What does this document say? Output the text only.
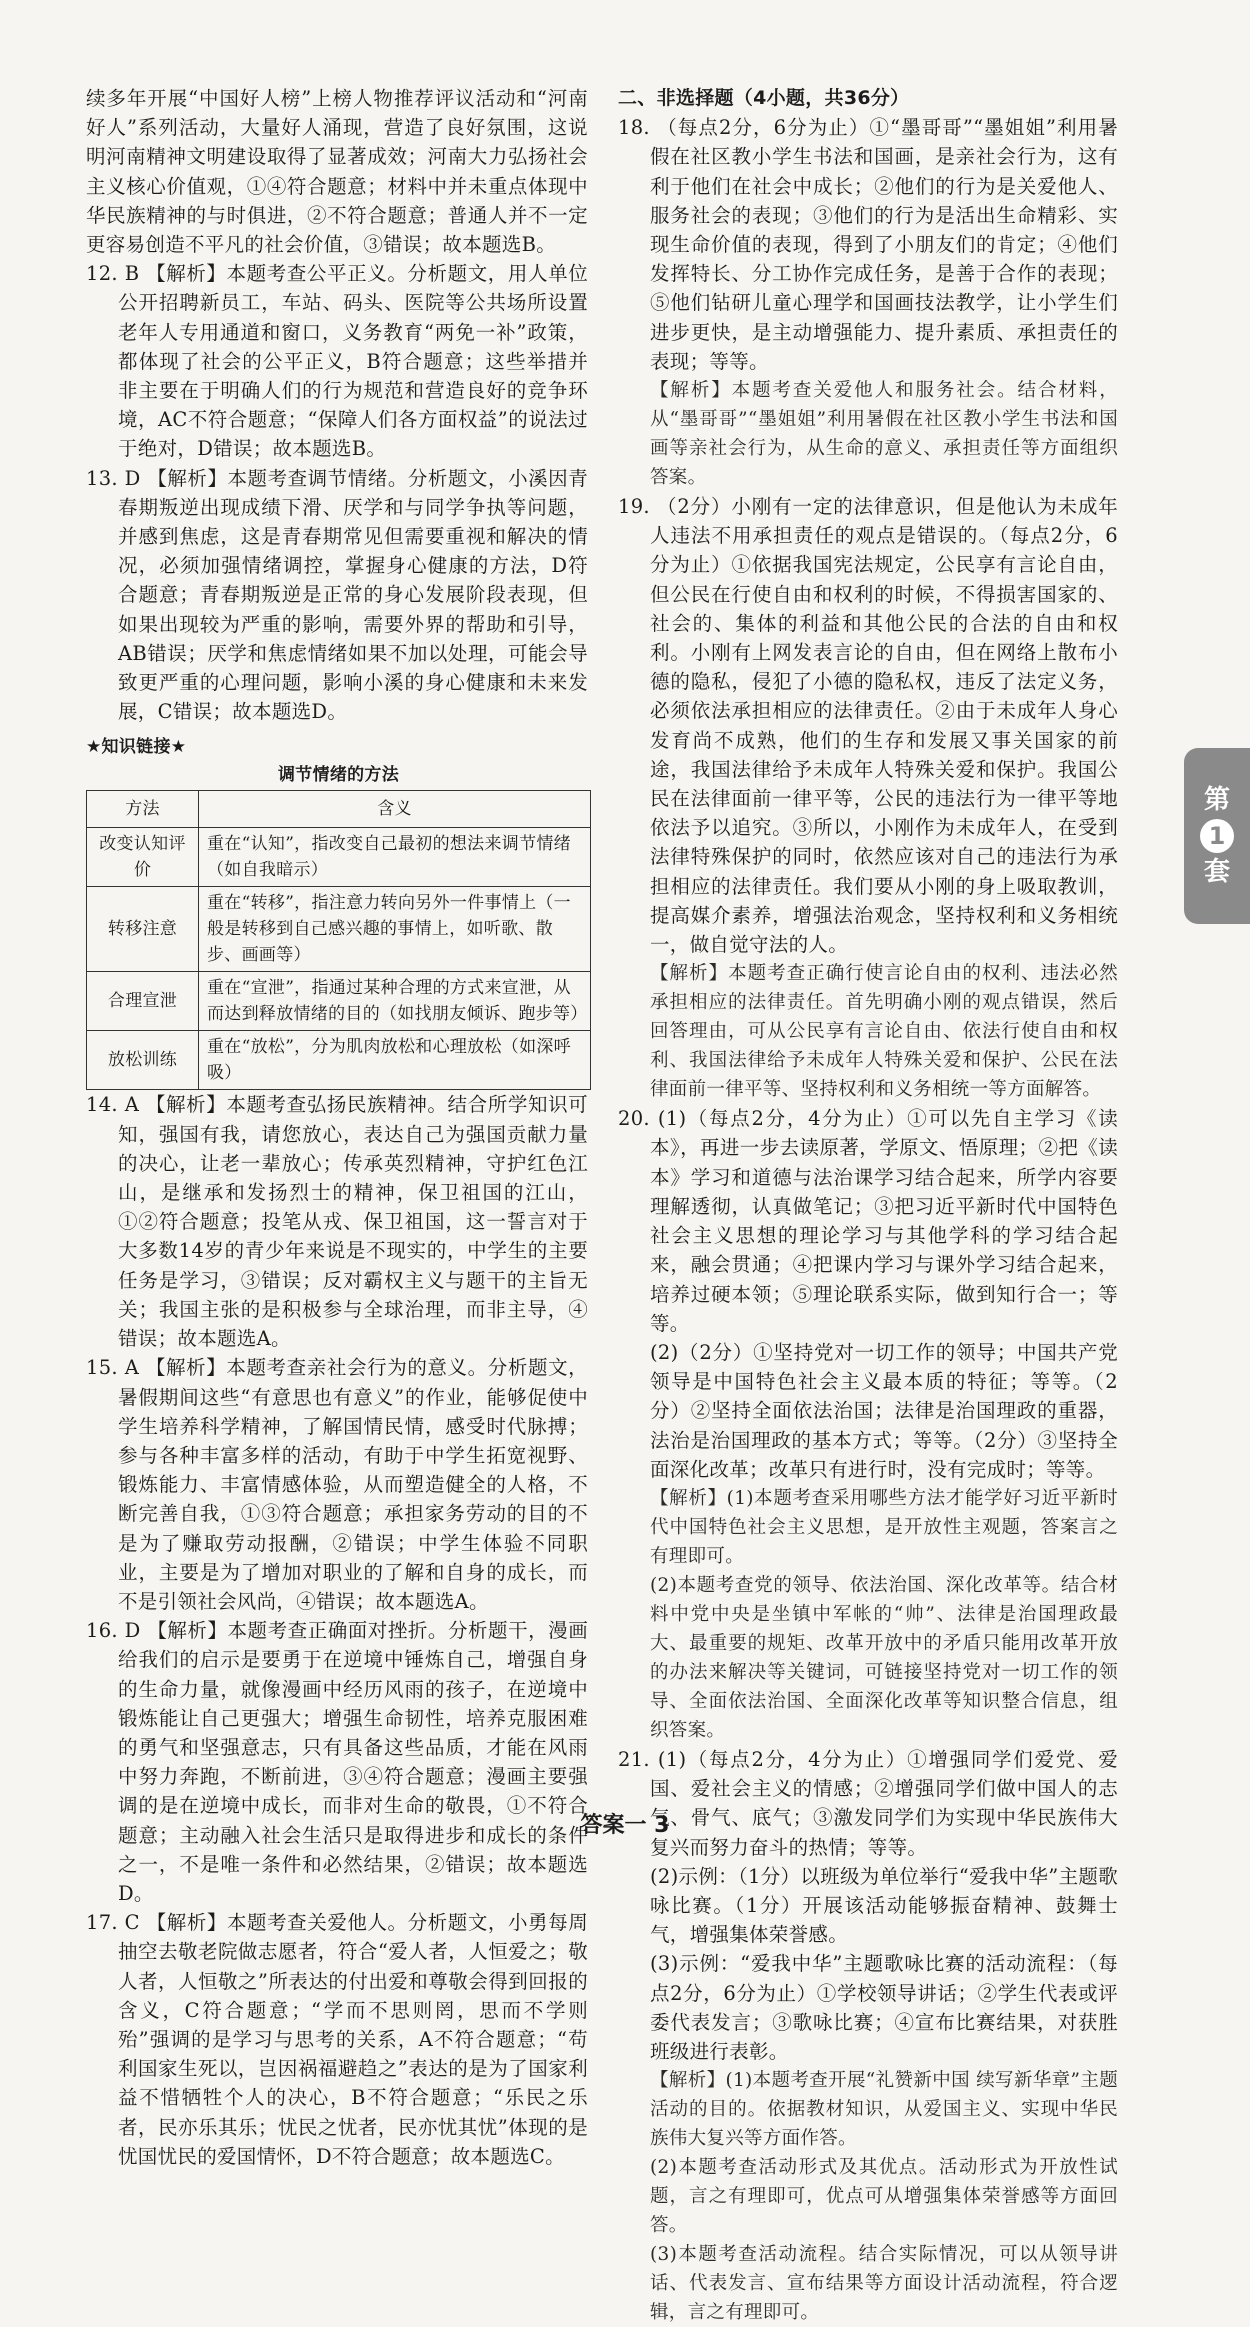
续多年开展“中国好人榜”上榜人物推荐评议活动和“河南好人”系列活动，大量好人涌现，营造了良好氛围，这说明河南精神文明建设取得了显著成效；河南大力弘扬社会主义核心价值观，①④符合题意；材料中并未重点体现中华民族精神的与时俱进，②不符合题意；普通人并不一定更容易创造不平凡的社会价值，③错误；故本题选B。

12. B 【解析】本题考查公平正义。分析题文，用人单位公开招聘新员工，车站、码头、医院等公共场所设置老年人专用通道和窗口，义务教育“两免一补”政策，都体现了社会的公平正义，B符合题意；这些举措并非主要在于明确人们的行为规范和营造良好的竞争环境，AC不符合题意；“保障人们各方面权益”的说法过于绝对，D错误；故本题选B。

13. D 【解析】本题考查调节情绪。分析题文，小溪因青春期叛逆出现成绩下滑、厌学和与同学争执等问题，并感到焦虑，这是青春期常见但需要重视和解决的情况，必须加强情绪调控，掌握身心健康的方法，D符合题意；青春期叛逆是正常的身心发展阶段表现，但如果出现较为严重的影响，需要外界的帮助和引导，AB错误；厌学和焦虑情绪如果不加以处理，可能会导致更严重的心理问题，影响小溪的身心健康和未来发展，C错误；故本题选D。

★知识链接★
调节情绪的方法
方法	含义
改变认知评价	重在“认知”，指改变自己最初的想法来调节情绪（如自我暗示）
转移注意	重在“转移”，指注意力转向另外一件事情上（一般是转移到自己感兴趣的事情上，如听歌、散步、画画等）
合理宣泄	重在“宣泄”，指通过某种合理的方式来宣泄，从而达到释放情绪的目的（如找朋友倾诉、跑步等）
放松训练	重在“放松”，分为肌肉放松和心理放松（如深呼吸）

14. A 【解析】本题考查弘扬民族精神。结合所学知识可知，强国有我，请您放心，表达自己为强国贡献力量的决心，让老一辈放心；传承英烈精神，守护红色江山，是继承和发扬烈士的精神，保卫祖国的江山，①②符合题意；投笔从戎、保卫祖国，这一誓言对于大多数14岁的青少年来说是不现实的，中学生的主要任务是学习，③错误；反对霸权主义与题干的主旨无关；我国主张的是积极参与全球治理，而非主导，④错误；故本题选A。

15. A 【解析】本题考查亲社会行为的意义。分析题文，暑假期间这些“有意思也有意义”的作业，能够促使中学生培养科学精神，了解国情民情，感受时代脉搏；参与各种丰富多样的活动，有助于中学生拓宽视野、锻炼能力、丰富情感体验，从而塑造健全的人格，不断完善自我，①③符合题意；承担家务劳动的目的不是为了赚取劳动报酬，②错误；中学生体验不同职业，主要是为了增加对职业的了解和自身的成长，而不是引领社会风尚，④错误；故本题选A。

16. D 【解析】本题考查正确面对挫折。分析题干，漫画给我们的启示是要勇于在逆境中锤炼自己，增强自身的生命力量，就像漫画中经历风雨的孩子，在逆境中锻炼能让自己更强大；增强生命韧性，培养克服困难的勇气和坚强意志，只有具备这些品质，才能在风雨中努力奔跑，不断前进，③④符合题意；漫画主要强调的是在逆境中成长，而非对生命的敬畏，①不符合题意；主动融入社会生活只是取得进步和成长的条件之一，不是唯一条件和必然结果，②错误；故本题选D。

17. C 【解析】本题考查关爱他人。分析题文，小勇每周抽空去敬老院做志愿者，符合“爱人者，人恒爱之；敬人者，人恒敬之”所表达的付出爱和尊敬会得到回报的含义，C符合题意；“学而不思则罔，思而不学则殆”强调的是学习与思考的关系，A不符合题意；“苟利国家生死以，岂因祸福避趋之”表达的是为了国家利益不惜牺牲个人的决心，B不符合题意；“乐民之乐者，民亦乐其乐；忧民之忧者，民亦忧其忧”体现的是忧国忧民的爱国情怀，D不符合题意；故本题选C。

二、非选择题（4小题，共36分）

18. （每点2分，6分为止）①“墨哥哥”“墨姐姐”利用暑假在社区教小学生书法和国画，是亲社会行为，这有利于他们在社会中成长；②他们的行为是关爱他人、服务社会的表现；③他们的行为是活出生命精彩、实现生命价值的表现，得到了小朋友们的肯定；④他们发挥特长、分工协作完成任务，是善于合作的表现；⑤他们钻研儿童心理学和国画技法教学，让小学生们进步更快，是主动增强能力、提升素质、承担责任的表现；等等。

【解析】本题考查关爱他人和服务社会。结合材料，从“墨哥哥”“墨姐姐”利用暑假在社区教小学生书法和国画等亲社会行为，从生命的意义、承担责任等方面组织答案。

19. （2分）小刚有一定的法律意识，但是他认为未成年人违法不用承担责任的观点是错误的。（每点2分，6分为止）①依据我国宪法规定，公民享有言论自由，但公民在行使自由和权利的时候，不得损害国家的、社会的、集体的利益和其他公民的合法的自由和权利。小刚有上网发表言论的自由，但在网络上散布小德的隐私，侵犯了小德的隐私权，违反了法定义务，必须依法承担相应的法律责任。②由于未成年人身心发育尚不成熟，他们的生存和发展又事关国家的前途，我国法律给予未成年人特殊关爱和保护。我国公民在法律面前一律平等，公民的违法行为一律平等地依法予以追究。③所以，小刚作为未成年人，在受到法律特殊保护的同时，依然应该对自己的违法行为承担相应的法律责任。我们要从小刚的身上吸取教训，提高媒介素养，增强法治观念，坚持权利和义务相统一，做自觉守法的人。

【解析】本题考查正确行使言论自由的权利、违法必然承担相应的法律责任。首先明确小刚的观点错误，然后回答理由，可从公民享有言论自由、依法行使自由和权利、我国法律给予未成年人特殊关爱和保护、公民在法律面前一律平等、坚持权利和义务相统一等方面解答。

20. (1)（每点2分，4分为止）①可以先自主学习《读本》，再进一步去读原著，学原文、悟原理；②把《读本》学习和道德与法治课学习结合起来，所学内容要理解透彻，认真做笔记；③把习近平新时代中国特色社会主义思想的理论学习与其他学科的学习结合起来，融会贯通；④把课内学习与课外学习结合起来，培养过硬本领；⑤理论联系实际，做到知行合一；等等。

(2)（2分）①坚持党对一切工作的领导；中国共产党领导是中国特色社会主义最本质的特征；等等。（2分）②坚持全面依法治国；法律是治国理政的重器，法治是治国理政的基本方式；等等。（2分）③坚持全面深化改革；改革只有进行时，没有完成时；等等。

【解析】(1)本题考查采用哪些方法才能学好习近平新时代中国特色社会主义思想，是开放性主观题，答案言之有理即可。

(2)本题考查党的领导、依法治国、深化改革等。结合材料中党中央是坐镇中军帐的“帅”、法律是治国理政最大、最重要的规矩、改革开放中的矛盾只能用改革开放的办法来解决等关键词，可链接坚持党对一切工作的领导、全面依法治国、全面深化改革等知识整合信息，组织答案。

21. (1)（每点2分，4分为止）①增强同学们爱党、爱国、爱社会主义的情感；②增强同学们做中国人的志气、骨气、底气；③激发同学们为实现中华民族伟大复兴而努力奋斗的热情；等等。

(2)示例：（1分）以班级为单位举行“爱我中华”主题歌咏比赛。（1分）开展该活动能够振奋精神、鼓舞士气，增强集体荣誉感。

(3)示例：“爱我中华”主题歌咏比赛的活动流程：（每点2分，6分为止）①学校领导讲话；②学生代表或评委代表发言；③歌咏比赛；④宣布比赛结果，对获胜班级进行表彰。

【解析】(1)本题考查开展“礼赞新中国 续写新华章”主题活动的目的。依据教材知识，从爱国主义、实现中华民族伟大复兴等方面作答。

(2)本题考查活动形式及其优点。活动形式为开放性试题，言之有理即可，优点可从增强集体荣誉感等方面回答。

(3)本题考查活动流程。结合实际情况，可以从领导讲话、代表发言、宣布结果等方面设计活动流程，符合逻辑，言之有理即可。

第
1
套
答案一 3
